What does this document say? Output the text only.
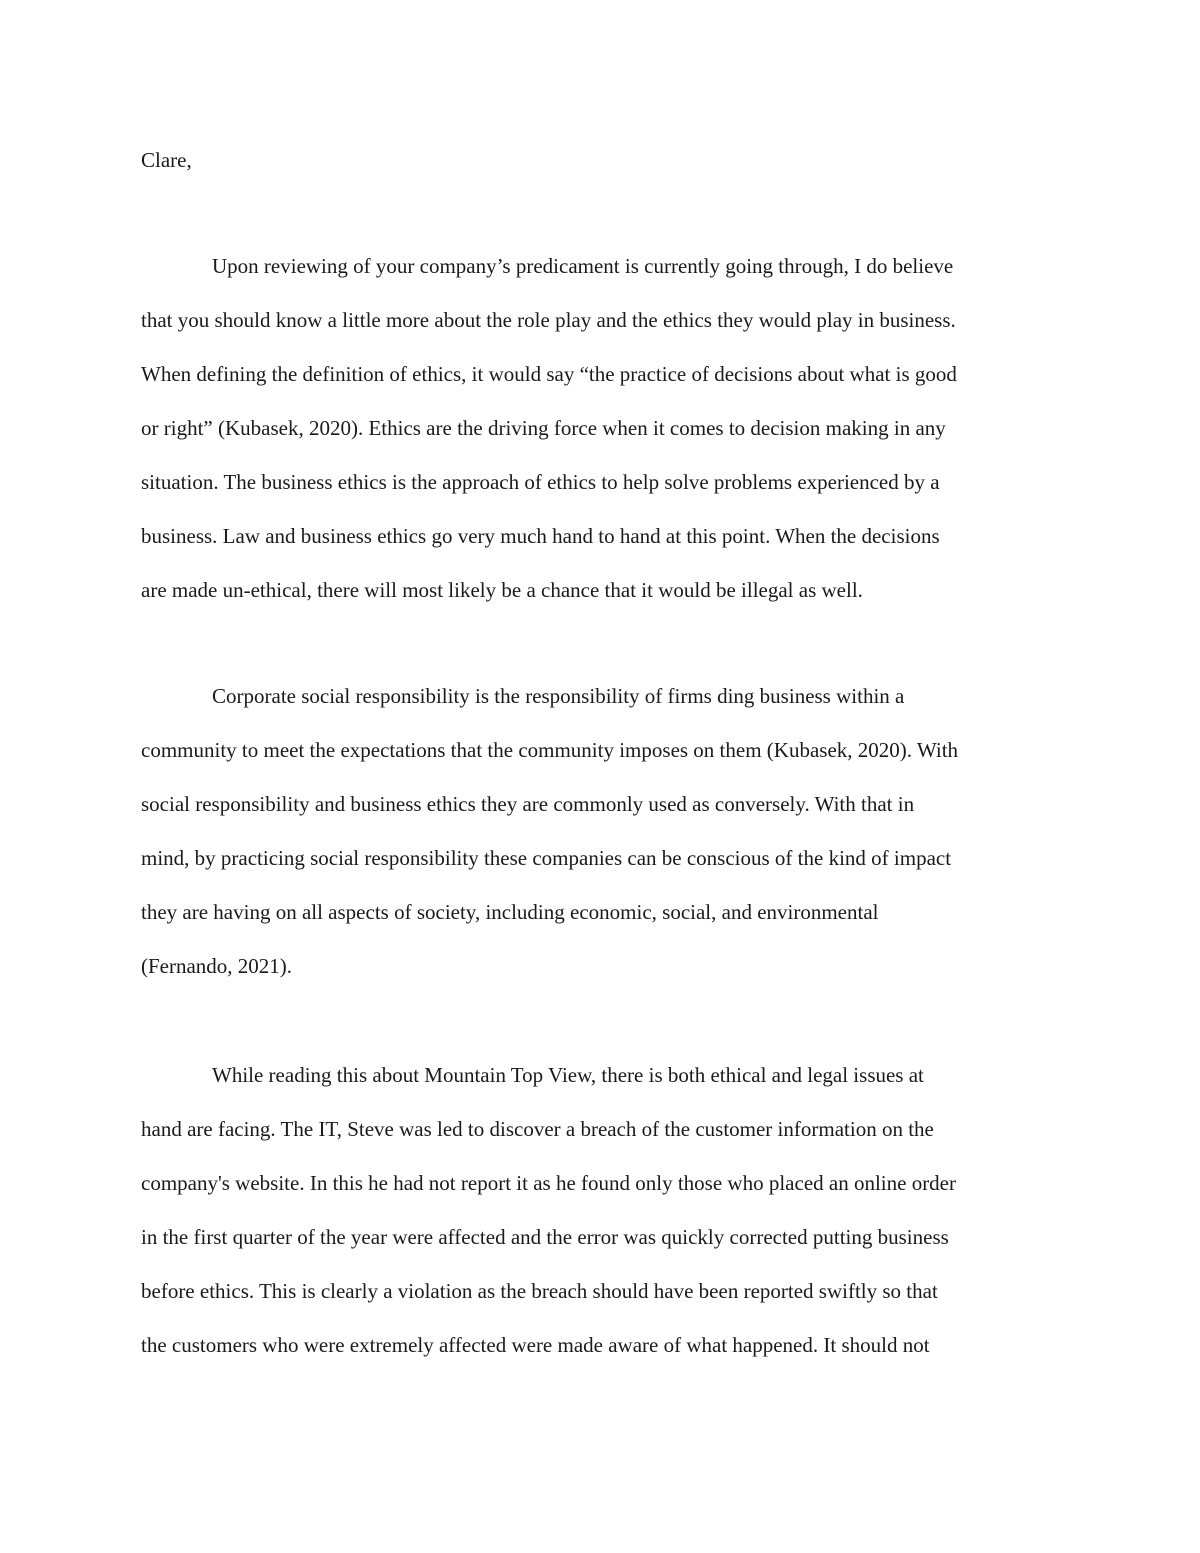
Clare,
Upon reviewing of your company’s predicament is currently going through, I do believe
that you should know a little more about the role play and the ethics they would play in business.
When defining the definition of ethics, it would say “the practice of decisions about what is good
or right” (Kubasek, 2020). Ethics are the driving force when it comes to decision making in any
situation. The business ethics is the approach of ethics to help solve problems experienced by a
business. Law and business ethics go very much hand to hand at this point. When the decisions
are made un-ethical, there will most likely be a chance that it would be illegal as well.
Corporate social responsibility is the responsibility of firms ding business within a
community to meet the expectations that the community imposes on them (Kubasek, 2020). With
social responsibility and business ethics they are commonly used as conversely. With that in
mind, by practicing social responsibility these companies can be conscious of the kind of impact
they are having on all aspects of society, including economic, social, and environmental
(Fernando, 2021).
While reading this about Mountain Top View, there is both ethical and legal issues at
hand are facing. The IT, Steve was led to discover a breach of the customer information on the
company's website. In this he had not report it as he found only those who placed an online order
in the first quarter of the year were affected and the error was quickly corrected putting business
before ethics. This is clearly a violation as the breach should have been reported swiftly so that
the customers who were extremely affected were made aware of what happened. It should not
